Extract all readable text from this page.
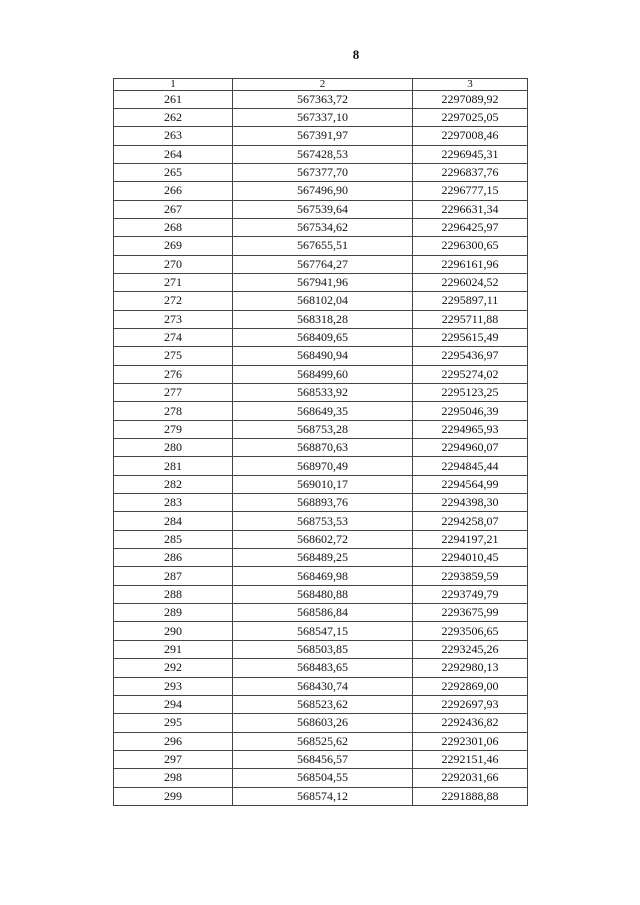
8
1	2	3
261	567363,72	2297089,92
262	567337,10	2297025,05
263	567391,97	2297008,46
264	567428,53	2296945,31
265	567377,70	2296837,76
266	567496,90	2296777,15
267	567539,64	2296631,34
268	567534,62	2296425,97
269	567655,51	2296300,65
270	567764,27	2296161,96
271	567941,96	2296024,52
272	568102,04	2295897,11
273	568318,28	2295711,88
274	568409,65	2295615,49
275	568490,94	2295436,97
276	568499,60	2295274,02
277	568533,92	2295123,25
278	568649,35	2295046,39
279	568753,28	2294965,93
280	568870,63	2294960,07
281	568970,49	2294845,44
282	569010,17	2294564,99
283	568893,76	2294398,30
284	568753,53	2294258,07
285	568602,72	2294197,21
286	568489,25	2294010,45
287	568469,98	2293859,59
288	568480,88	2293749,79
289	568586,84	2293675,99
290	568547,15	2293506,65
291	568503,85	2293245,26
292	568483,65	2292980,13
293	568430,74	2292869,00
294	568523,62	2292697,93
295	568603,26	2292436,82
296	568525,62	2292301,06
297	568456,57	2292151,46
298	568504,55	2292031,66
299	568574,12	2291888,88
